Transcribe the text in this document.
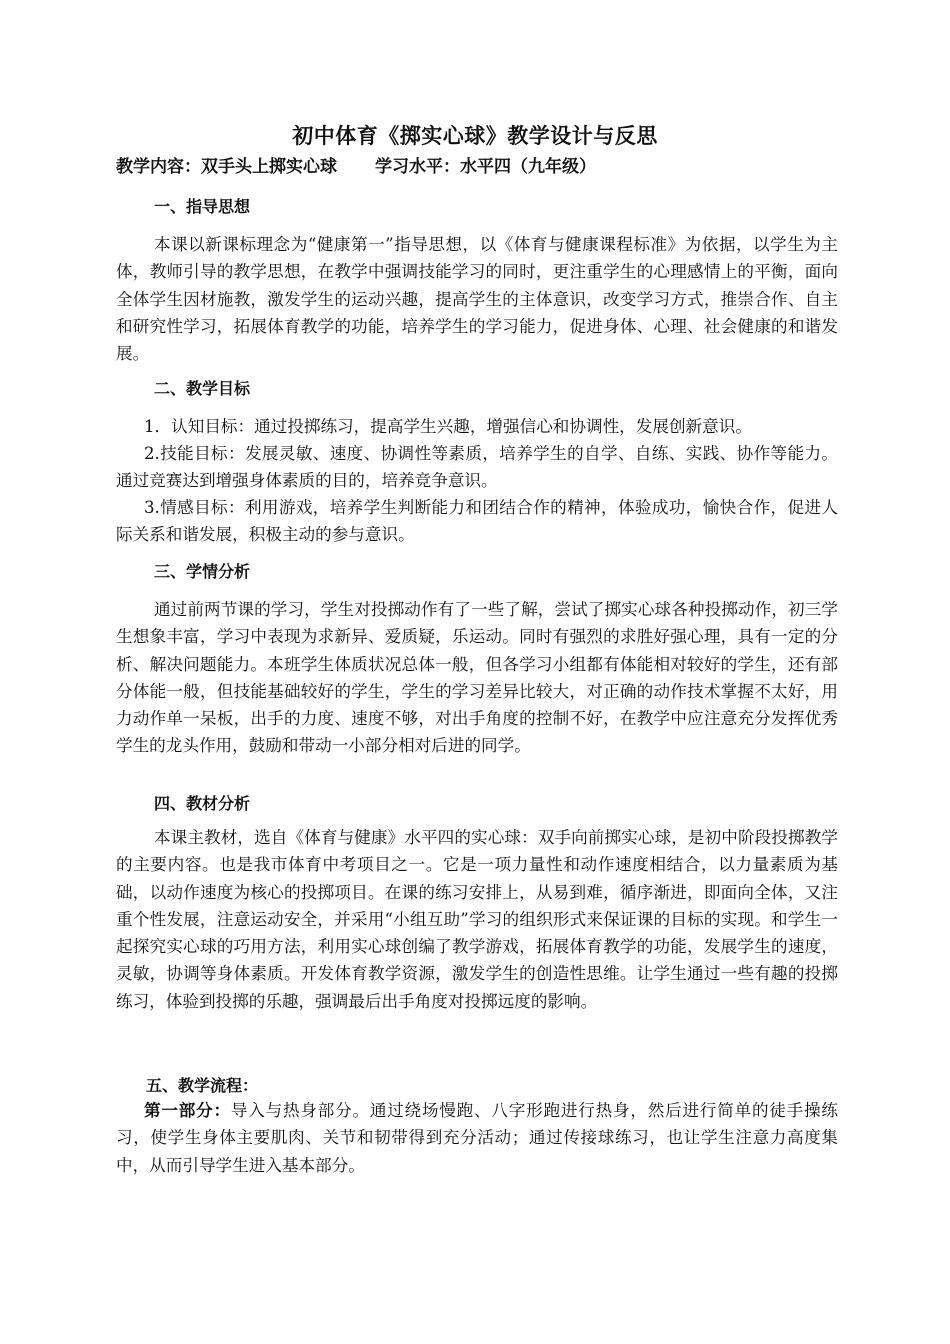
初中体育《掷实心球》教学设计与反思
教学内容：双手头上掷实心球 学习水平：水平四（九年级）
一、指导思想

本课以新课标理念为“健康第一”指导思想，以《体育与健康课程标准》为依据，以学生为主体，教师引导的教学思想，在教学中强调技能学习的同时，更注重学生的心理感情上的平衡，面向全体学生因材施教，激发学生的运动兴趣，提高学生的主体意识，改变学习方式，推崇合作、自主和研究性学习，拓展体育教学的功能，培养学生的学习能力，促进身体、心理、社会健康的和谐发展。

二、教学目标

1．认知目标：通过投掷练习，提高学生兴趣，增强信心和协调性，发展创新意识。

2.技能目标：发展灵敏、速度、协调性等素质，培养学生的自学、自练、实践、协作等能力。通过竞赛达到增强身体素质的目的，培养竞争意识。

3.情感目标：利用游戏，培养学生判断能力和团结合作的精神，体验成功，愉快合作，促进人际关系和谐发展，积极主动的参与意识。

三、学情分析

通过前两节课的学习，学生对投掷动作有了一些了解，尝试了掷实心球各种投掷动作，初三学生想象丰富，学习中表现为求新异、爱质疑，乐运动。同时有强烈的求胜好强心理，具有一定的分析、解决问题能力。本班学生体质状况总体一般，但各学习小组都有体能相对较好的学生，还有部分体能一般，但技能基础较好的学生，学生的学习差异比较大，对正确的动作技术掌握不太好，用力动作单一呆板，出手的力度、速度不够，对出手角度的控制不好，在教学中应注意充分发挥优秀学生的龙头作用，鼓励和带动一小部分相对后进的同学。

四、教材分析

本课主教材，选自《体育与健康》水平四的实心球：双手向前掷实心球，是初中阶段投掷教学的主要内容。也是我市体育中考项目之一。它是一项力量性和动作速度相结合，以力量素质为基础，以动作速度为核心的投掷项目。在课的练习安排上，从易到难，循序渐进，即面向全体，又注重个性发展，注意运动安全，并采用“小组互助”学习的组织形式来保证课的目标的实现。和学生一起探究实心球的巧用方法，利用实心球创编了教学游戏，拓展体育教学的功能，发展学生的速度，灵敏，协调等身体素质。开发体育教学资源，激发学生的创造性思维。让学生通过一些有趣的投掷练习，体验到投掷的乐趣，强调最后出手角度对投掷远度的影响。

五、教学流程：

第一部分：导入与热身部分。通过绕场慢跑、八字形跑进行热身，然后进行简单的徒手操练习，使学生身体主要肌肉、关节和韧带得到充分活动；通过传接球练习，也让学生注意力高度集中，从而引导学生进入基本部分。
